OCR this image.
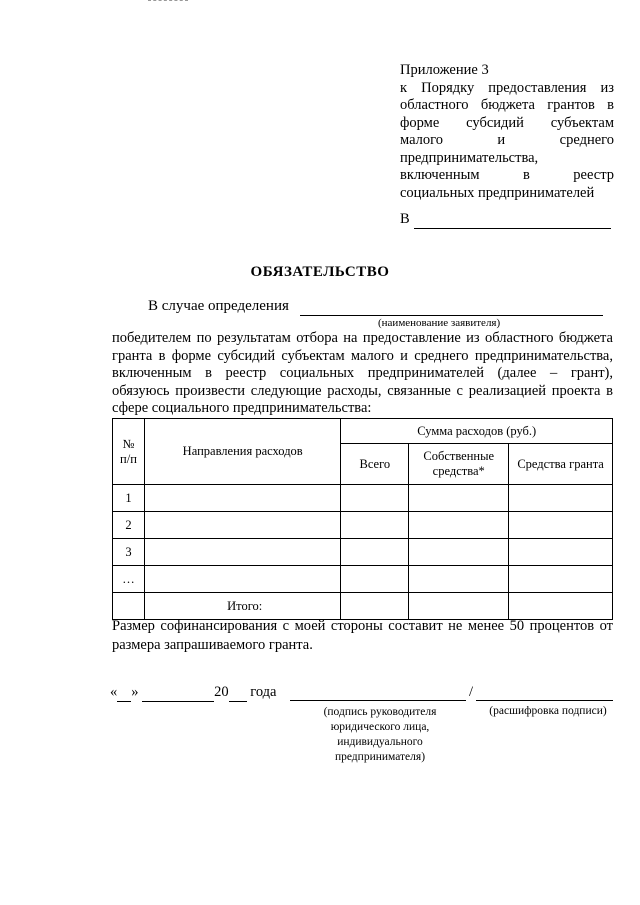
Приложение 3
к Порядку предоставления из
областного бюджета грантов в
форме субсидий субъектам
малого и среднего
предпринимательства,
включенным в реестр
социальных предпринимателей
В
ОБЯЗАТЕЛЬСТВО
В случае определения
(наименование заявителя)
победителем по результатам отбора на предоставление из областного бюджета
гранта в форме субсидий субъектам малого и среднего предпринимательства,
включенным в реестр социальных предпринимателей (далее – грант),
обязуюсь произвести следующие расходы, связанные с реализацией проекта в
сфере социального предпринимательства:
№ п/п	Направления расходов	Сумма расходов (руб.)		
		Всего	Собственные средства*	Средства гранта
1				
2				
3				
…				
	Итого:			
Размер софинансирования с моей стороны составит не менее 50 процентов от
размера запрашиваемого гранта.
« »	20 года	/
(подпись руководителя
юридического лица,
индивидуального
предпринимателя)
(расшифровка подписи)
